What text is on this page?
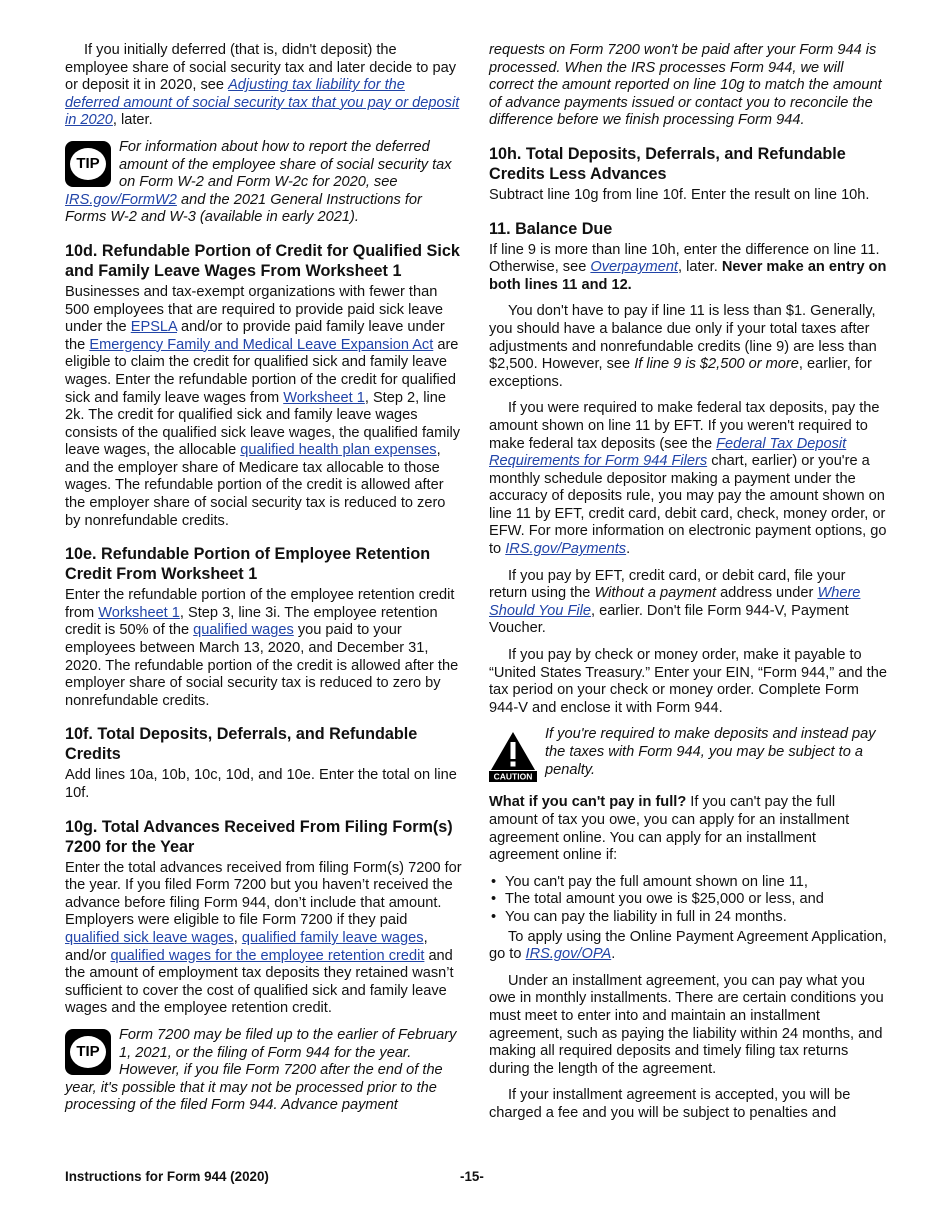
If you initially deferred (that is, didn't deposit) the employee share of social security tax and later decide to pay or deposit it in 2020, see Adjusting tax liability for the deferred amount of social security tax that you pay or deposit in 2020, later.

TIP
For information about how to report the deferred amount of the employee share of social security tax on Form W-2 and Form W-2c for 2020, see IRS.gov/FormW2 and the 2021 General Instructions for Forms W-2 and W-3 (available in early 2021).
10d. Refundable Portion of Credit for Qualified Sick and Family Leave Wages From Worksheet 1

Businesses and tax-exempt organizations with fewer than 500 employees that are required to provide paid sick leave under the EPSLA and/or to provide paid family leave under the Emergency Family and Medical Leave Expansion Act are eligible to claim the credit for qualified sick and family leave wages. Enter the refundable portion of the credit for qualified sick and family leave wages from Worksheet 1, Step 2, line 2k. The credit for qualified sick and family leave wages consists of the qualified sick leave wages, the qualified family leave wages, the allocable qualified health plan expenses, and the employer share of Medicare tax allocable to those wages. The refundable portion of the credit is allowed after the employer share of social security tax is reduced to zero by nonrefundable credits.

10e. Refundable Portion of Employee Retention Credit From Worksheet 1

Enter the refundable portion of the employee retention credit from Worksheet 1, Step 3, line 3i. The employee retention credit is 50% of the qualified wages you paid to your employees between March 13, 2020, and December 31, 2020. The refundable portion of the credit is allowed after the employer share of social security tax is reduced to zero by nonrefundable credits.

10f. Total Deposits, Deferrals, and Refundable Credits

Add lines 10a, 10b, 10c, 10d, and 10e. Enter the total on line 10f.

10g. Total Advances Received From Filing Form(s) 7200 for the Year

Enter the total advances received from filing Form(s) 7200 for the year. If you filed Form 7200 but you haven’t received the advance before filing Form 944, don’t include that amount. Employers were eligible to file Form 7200 if they paid qualified sick leave wages, qualified family leave wages, and/or qualified wages for the employee retention credit and the amount of employment tax deposits they retained wasn’t sufficient to cover the cost of qualified sick and family leave wages and the employee retention credit.

TIP
Form 7200 may be filed up to the earlier of February 1, 2021, or the filing of Form 944 for the year. However, if you file Form 7200 after the end of the year, it's possible that it may not be processed prior to the processing of the filed Form 944. Advance payment

requests on Form 7200 won't be paid after your Form 944 is processed. When the IRS processes Form 944, we will correct the amount reported on line 10g to match the amount of advance payments issued or contact you to reconcile the difference before we finish processing Form 944.

10h. Total Deposits, Deferrals, and Refundable Credits Less Advances

Subtract line 10g from line 10f. Enter the result on line 10h.

11. Balance Due

If line 9 is more than line 10h, enter the difference on line 11. Otherwise, see Overpayment, later. Never make an entry on both lines 11 and 12.

You don't have to pay if line 11 is less than $1. Generally, you should have a balance due only if your total taxes after adjustments and nonrefundable credits (line 9) are less than $2,500. However, see If line 9 is $2,500 or more, earlier, for exceptions.

If you were required to make federal tax deposits, pay the amount shown on line 11 by EFT. If you weren't required to make federal tax deposits (see the Federal Tax Deposit Requirements for Form 944 Filers chart, earlier) or you're a monthly schedule depositor making a payment under the accuracy of deposits rule, you may pay the amount shown on line 11 by EFT, credit card, debit card, check, money order, or EFW. For more information on electronic payment options, go to IRS.gov/Payments.

If you pay by EFT, credit card, or debit card, file your return using the Without a payment address under Where Should You File, earlier. Don't file Form 944-V, Payment Voucher.

If you pay by check or money order, make it payable to “United States Treasury.” Enter your EIN, “Form 944,” and the tax period on your check or money order. Complete Form 944-V and enclose it with Form 944.

CAUTION
If you're required to make deposits and instead pay the taxes with Form 944, you may be subject to a penalty.

What if you can't pay in full? If you can't pay the full amount of tax you owe, you can apply for an installment agreement online. You can apply for an installment agreement online if:

• You can't pay the full amount shown on line 11,
• The total amount you owe is $25,000 or less, and
• You can pay the liability in full in 24 months.

To apply using the Online Payment Agreement Application, go to IRS.gov/OPA.

Under an installment agreement, you can pay what you owe in monthly installments. There are certain conditions you must meet to enter into and maintain an installment agreement, such as paying the liability within 24 months, and making all required deposits and timely filing tax returns during the length of the agreement.

If your installment agreement is accepted, you will be charged a fee and you will be subject to penalties and

Instructions for Form 944 (2020)	-15-
